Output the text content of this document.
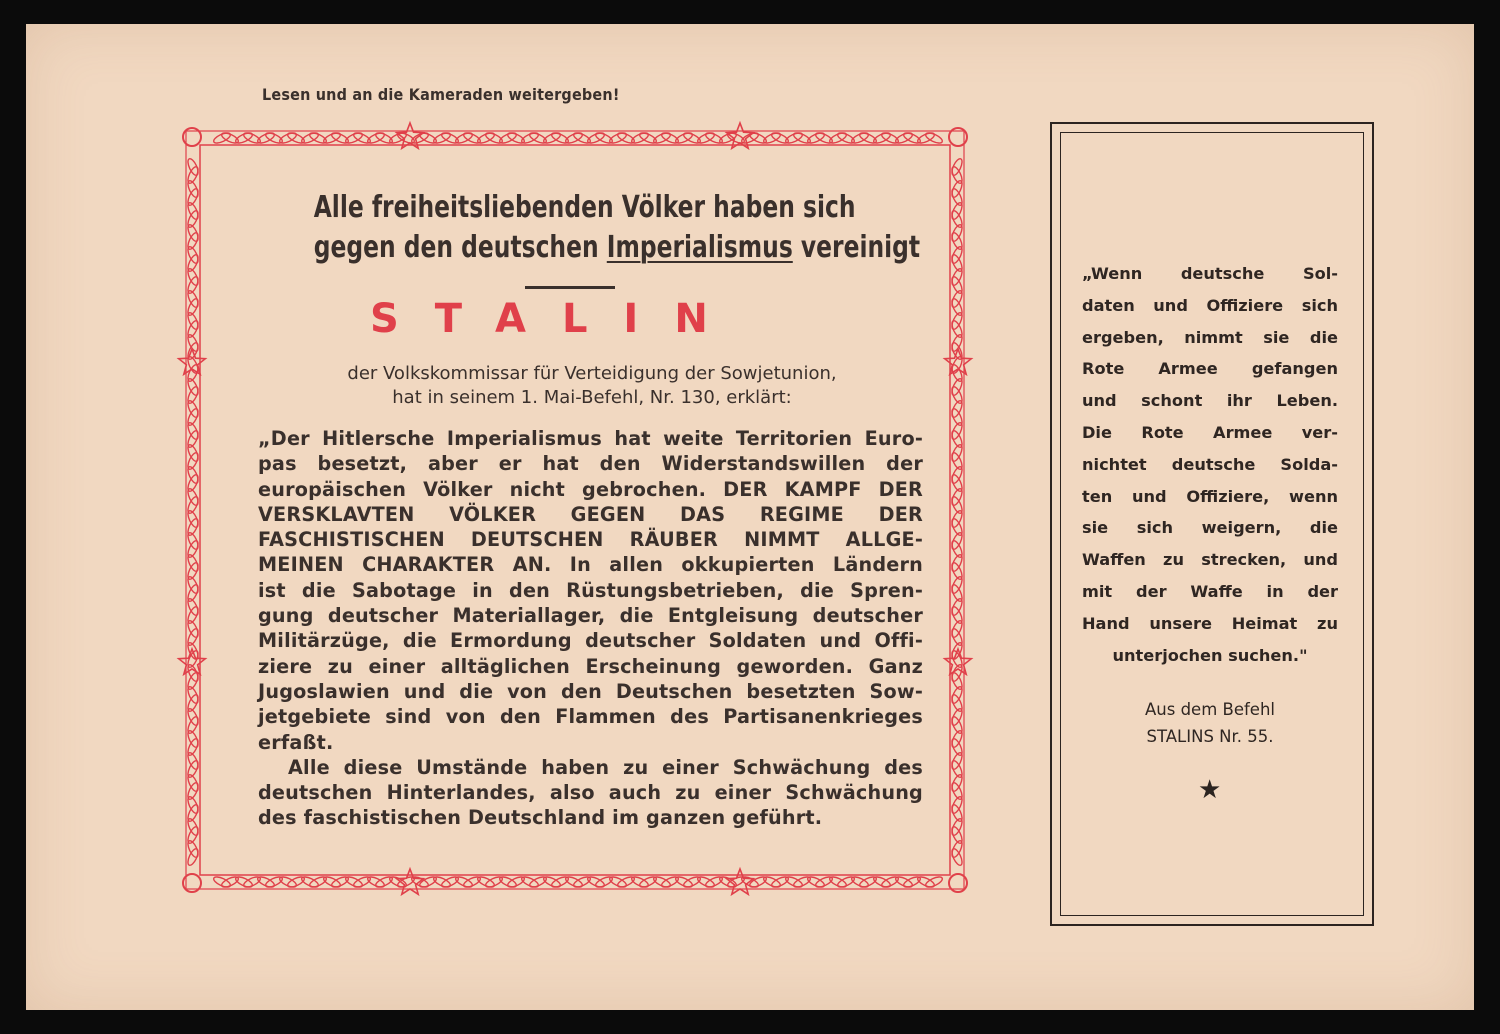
Lesen und an die Kameraden weitergeben!
Alle freiheitsliebenden Völker haben sich
gegen den deutschen Imperialismus vereinigt
STALIN
der Volkskommissar für Verteidigung der Sowjetunion,
hat in seinem 1. Mai-Befehl, Nr. 130, erklärt:
„Der Hitlersche Imperialismus hat weite Territorien Euro-
pas besetzt, aber er hat den Widerstandswillen der
europäischen Völker nicht gebrochen. DER KAMPF DER
VERSKLAVTEN VÖLKER GEGEN DAS REGIME DER
FASCHISTISCHEN DEUTSCHEN RÄUBER NIMMT ALLGE-
MEINEN CHARAKTER AN. In allen okkupierten Ländern
ist die Sabotage in den Rüstungsbetrieben, die Spren-
gung deutscher Materiallager, die Entgleisung deutscher
Militärzüge, die Ermordung deutscher Soldaten und Offi-
ziere zu einer alltäglichen Erscheinung geworden. Ganz
Jugoslawien und die von den Deutschen besetzten Sow-
jetgebiete sind von den Flammen des Partisanenkrieges
erfaßt.
Alle diese Umstände haben zu einer Schwächung des
deutschen Hinterlandes, also auch zu einer Schwächung
des faschistischen Deutschland im ganzen geführt.
„Wenn deutsche Sol-
daten und Offiziere sich
ergeben, nimmt sie die
Rote Armee gefangen
und schont ihr Leben.
Die Rote Armee ver-
nichtet deutsche Solda-
ten und Offiziere, wenn
sie sich weigern, die
Waffen zu strecken, und
mit der Waffe in der
Hand unsere Heimat zu
unterjochen suchen."
Aus dem Befehl
STALINS Nr. 55.
★
